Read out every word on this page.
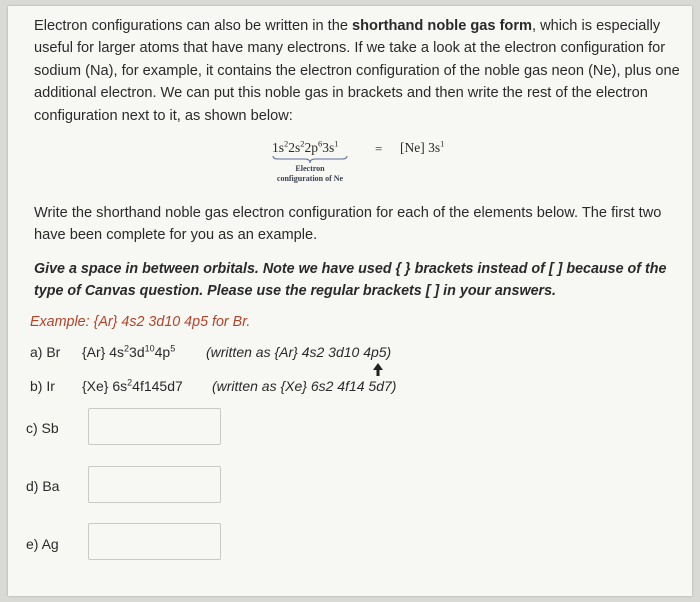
Electron configurations can also be written in the shorthand noble gas form, which is especially useful for larger atoms that have many electrons. If we take a look at the electron configuration for sodium (Na), for example, it contains the electron configuration of the noble gas neon (Ne), plus one additional electron. We can put this noble gas in brackets and then write the rest of the electron configuration next to it, as shown below:

$1s^22s^22p^63s^1$
Electron
configuration of Ne
= [Ne] $3s^1$

Write the shorthand noble gas electron configuration for each of the elements below. The first two have been complete for you as an example.

Give a space in between orbitals. Note we have used { } brackets instead of [ ] because of the type of Canvas question. Please use the regular brackets [ ] in your answers.

Example: {Ar} 4s2 3d10 4p5 for Br.

a) Br {Ar} $4s^23d^{10}4p^5$ (written as {Ar} 4s2 3d10 4p5)
b) Ir {Xe} $6s^24f145d7$ (written as {Xe} 6s2 4f14 5d7)
c) Sb
d) Ba
e) Ag
